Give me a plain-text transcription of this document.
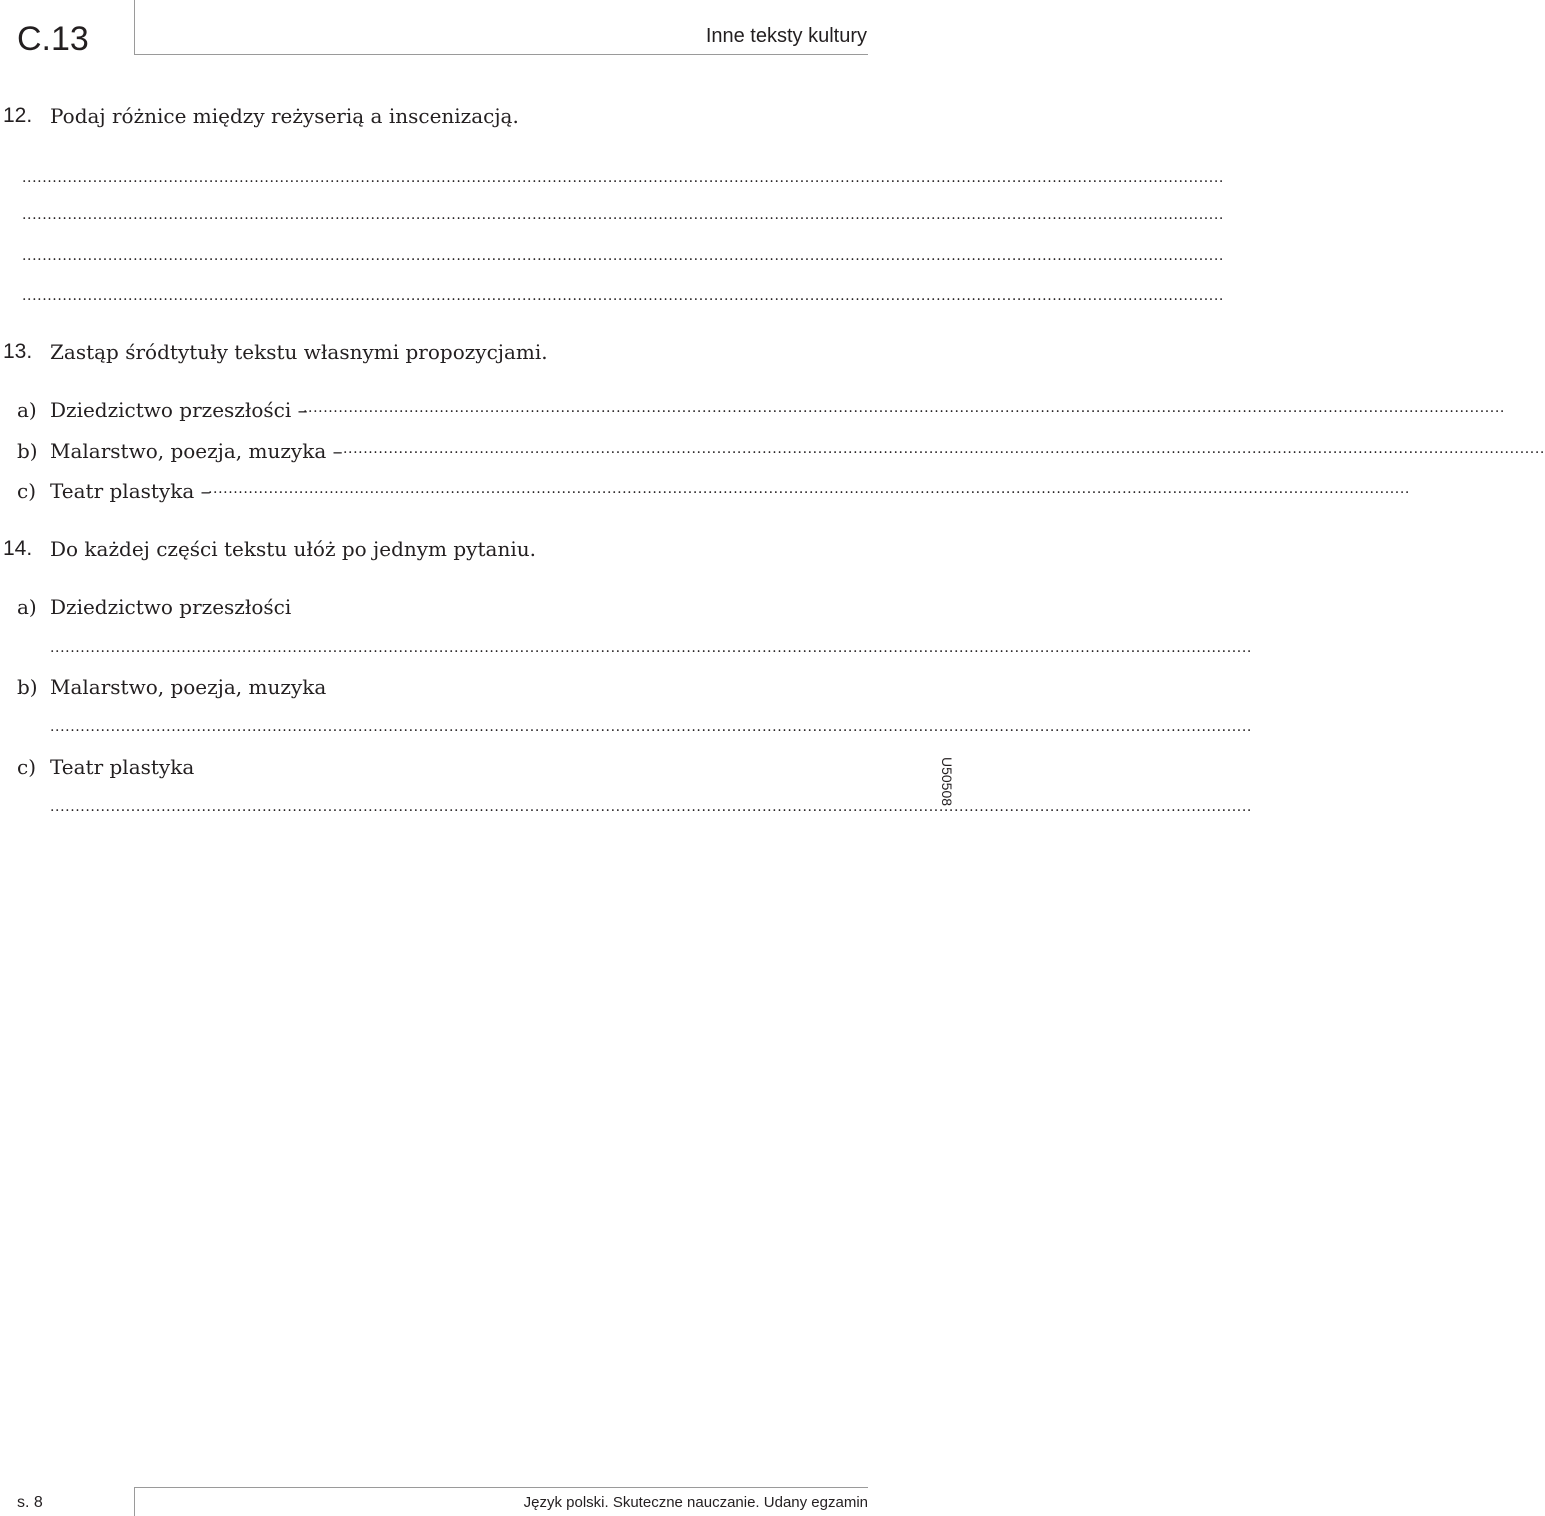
C.13	Inne teksty kultury
12. Podaj różnice między reżyserią a inscenizacją.
..............................................................................................................................................................................................................................................
..............................................................................................................................................................................................................................................
..............................................................................................................................................................................................................................................
..............................................................................................................................................................................................................................................
13. Zastąp śródtytuły tekstu własnymi propozycjami.
a) Dziedzictwo przeszłości –
..............................................................................................................................................................................................................................................
b) Malarstwo, poezja, muzyka – ..............................................................................................................................................................................................................................................
c) Teatr plastyka –
..............................................................................................................................................................................................................................................
14. Do każdej części tekstu ułóż po jednym pytaniu.
a) Dziedzictwo przeszłości
..............................................................................................................................................................................................................................................
b) Malarstwo, poezja, muzyka
..............................................................................................................................................................................................................................................
c) Teatr plastyka
..............................................................................................................................................................................................................................................
U50508
s. 8	Język polski. Skuteczne nauczanie. Udany egzamin
